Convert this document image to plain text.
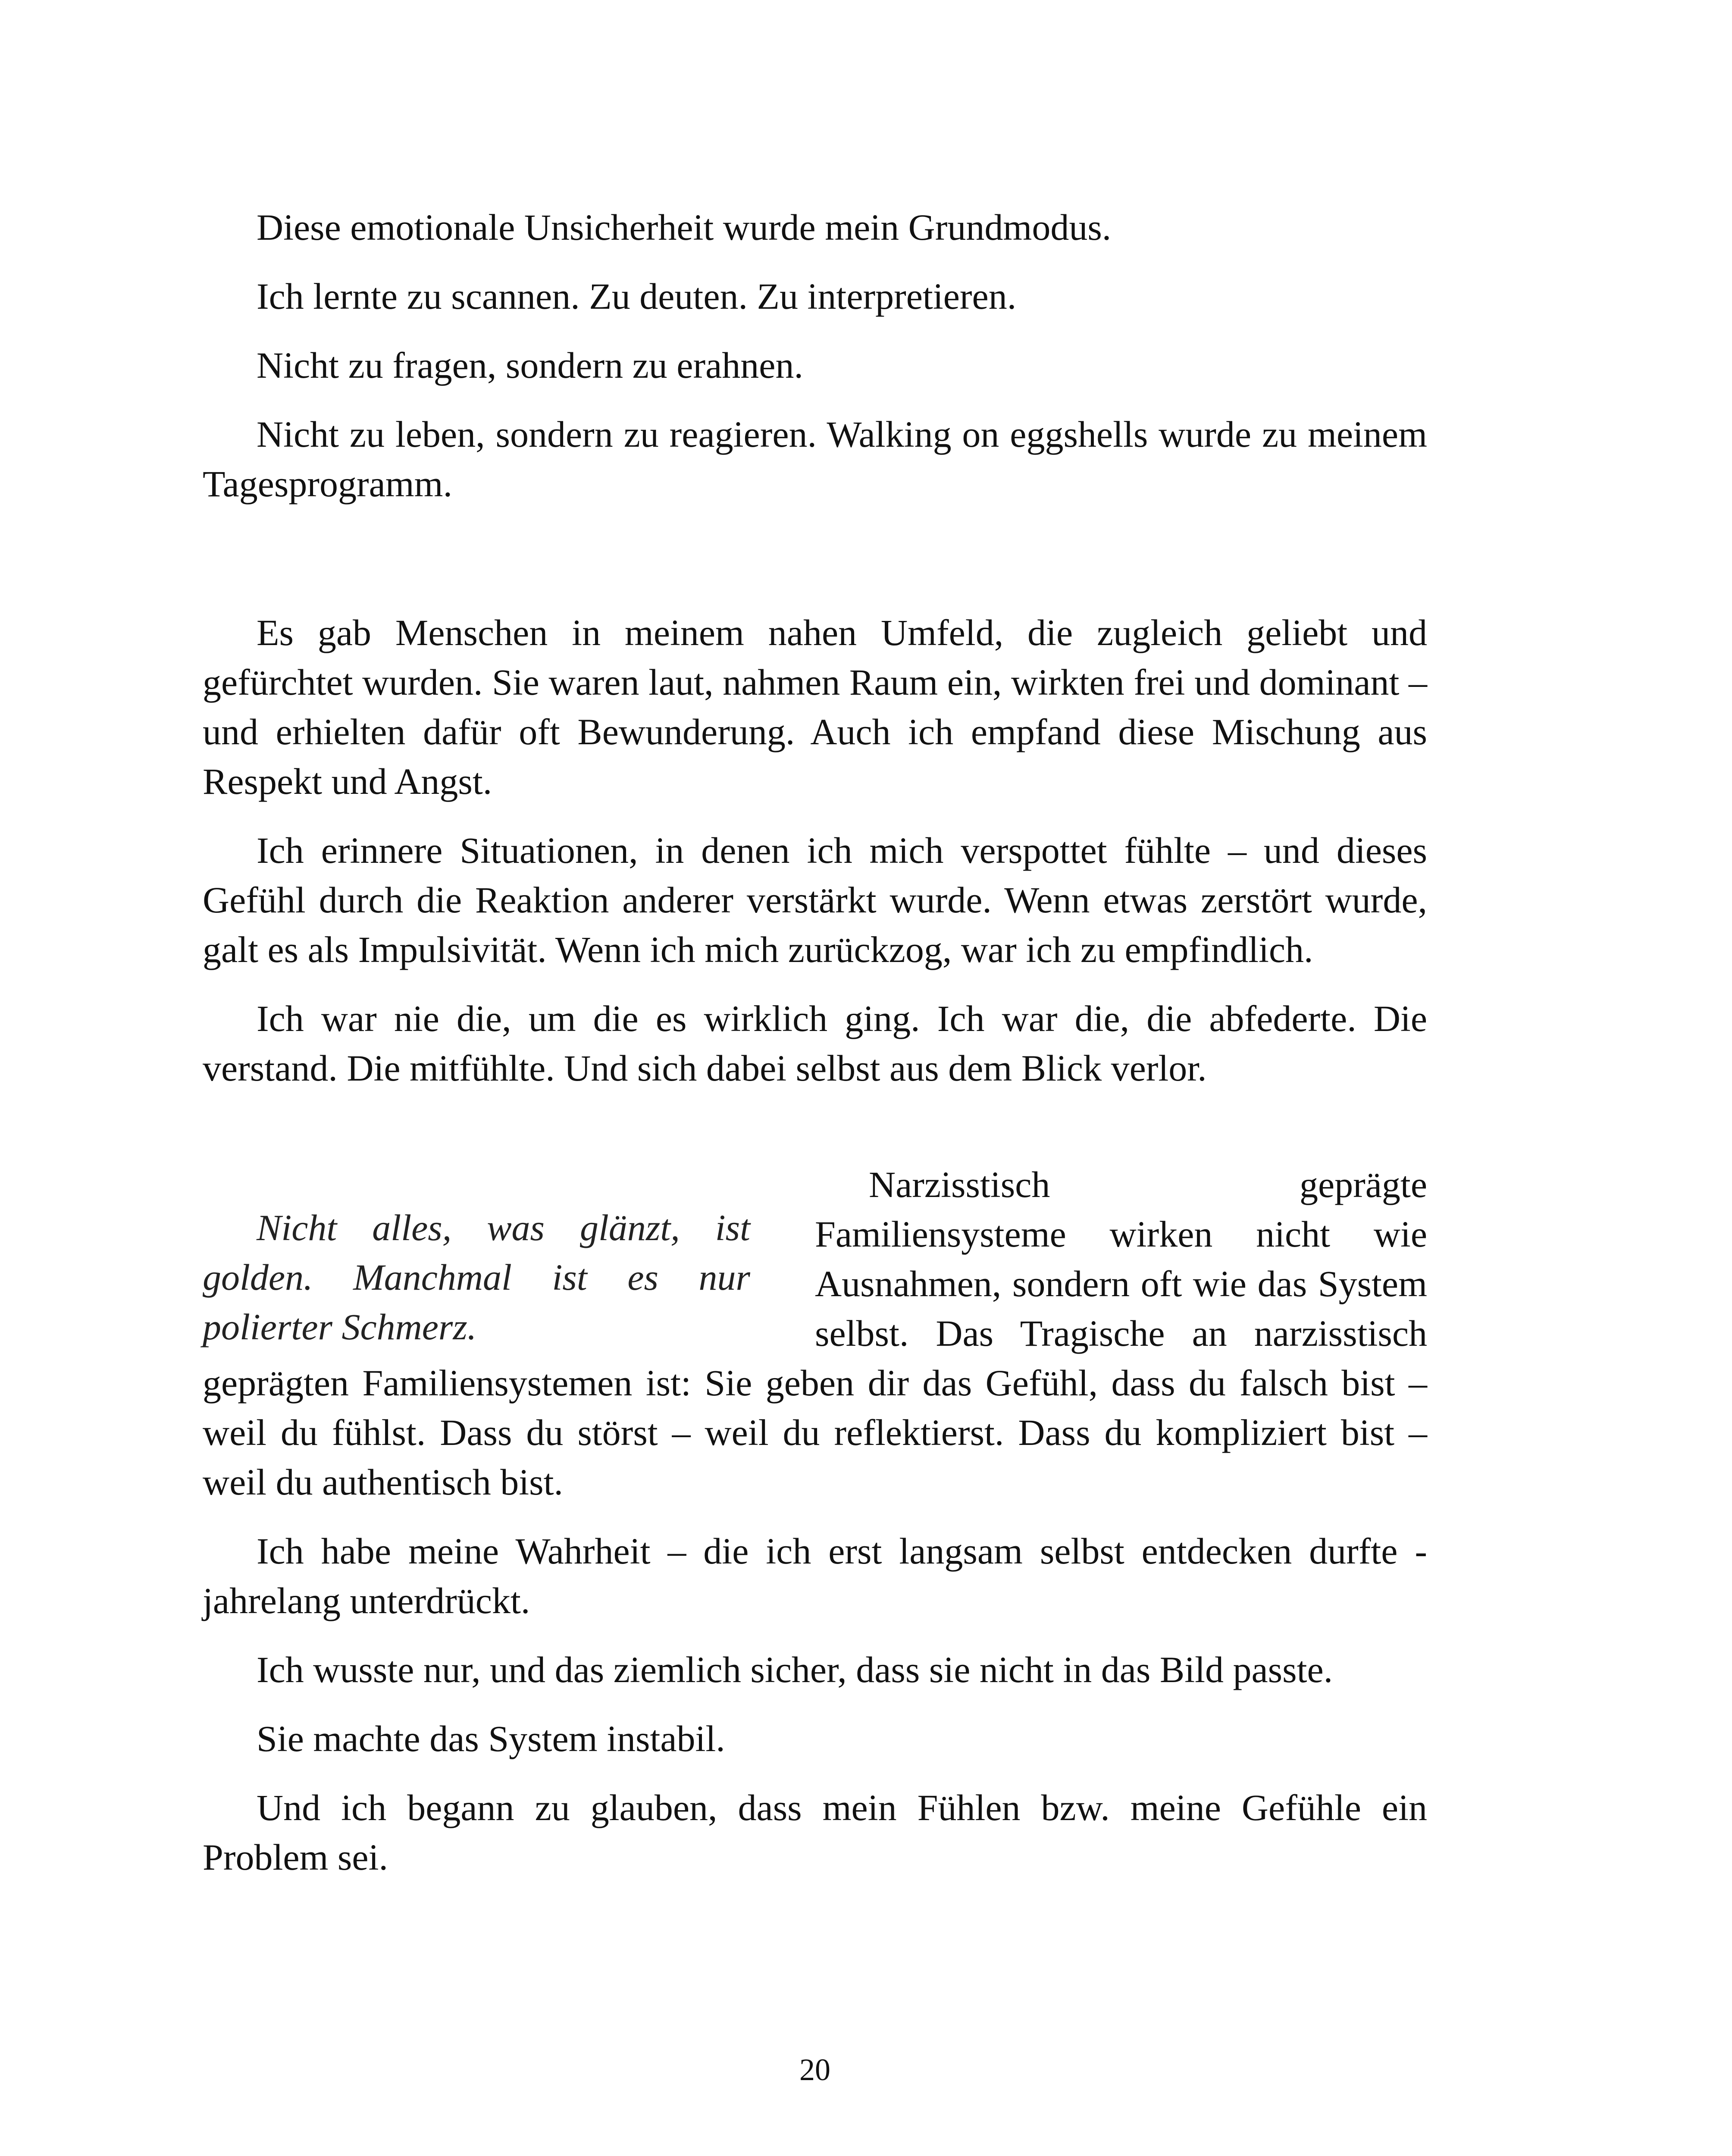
Diese emotionale Unsicherheit wurde mein Grundmodus.

Ich lernte zu scannen. Zu deuten. Zu interpretieren.

Nicht zu fragen, sondern zu erahnen.

Nicht zu leben, sondern zu reagieren. Walking on eggshells wurde zu meinem Tagesprogramm.

Es gab Menschen in meinem nahen Umfeld, die zugleich geliebt und gefürchtet wurden. Sie waren laut, nahmen Raum ein, wirkten frei und dominant – und erhielten dafür oft Bewunderung. Auch ich empfand diese Mischung aus Respekt und Angst.

Ich erinnere Situationen, in denen ich mich verspottet fühlte – und dieses Gefühl durch die Reaktion anderer verstärkt wurde. Wenn etwas zerstört wurde, galt es als Impulsivität. Wenn ich mich zurückzog, war ich zu empfindlich.

Ich war nie die, um die es wirklich ging. Ich war die, die abfederte. Die verstand. Die mitfühlte. Und sich dabei selbst aus dem Blick verlor.

Nicht alles, was glänzt, ist golden. Manchmal ist es nur polierter Schmerz.

Narzisstisch geprägte Familiensysteme wirken nicht wie Ausnahmen, sondern oft wie das System selbst. Das Tragische an narzisstisch geprägten Familiensystemen ist: Sie geben dir das Gefühl, dass du falsch bist – weil du fühlst. Dass du störst – weil du reflektierst. Dass du kompliziert bist – weil du authentisch bist.

Ich habe meine Wahrheit – die ich erst langsam selbst entdecken durfte - jahrelang unterdrückt.

Ich wusste nur, und das ziemlich sicher, dass sie nicht in das Bild passte.

Sie machte das System instabil.

Und ich begann zu glauben, dass mein Fühlen bzw. meine Gefühle ein Problem sei.

20
